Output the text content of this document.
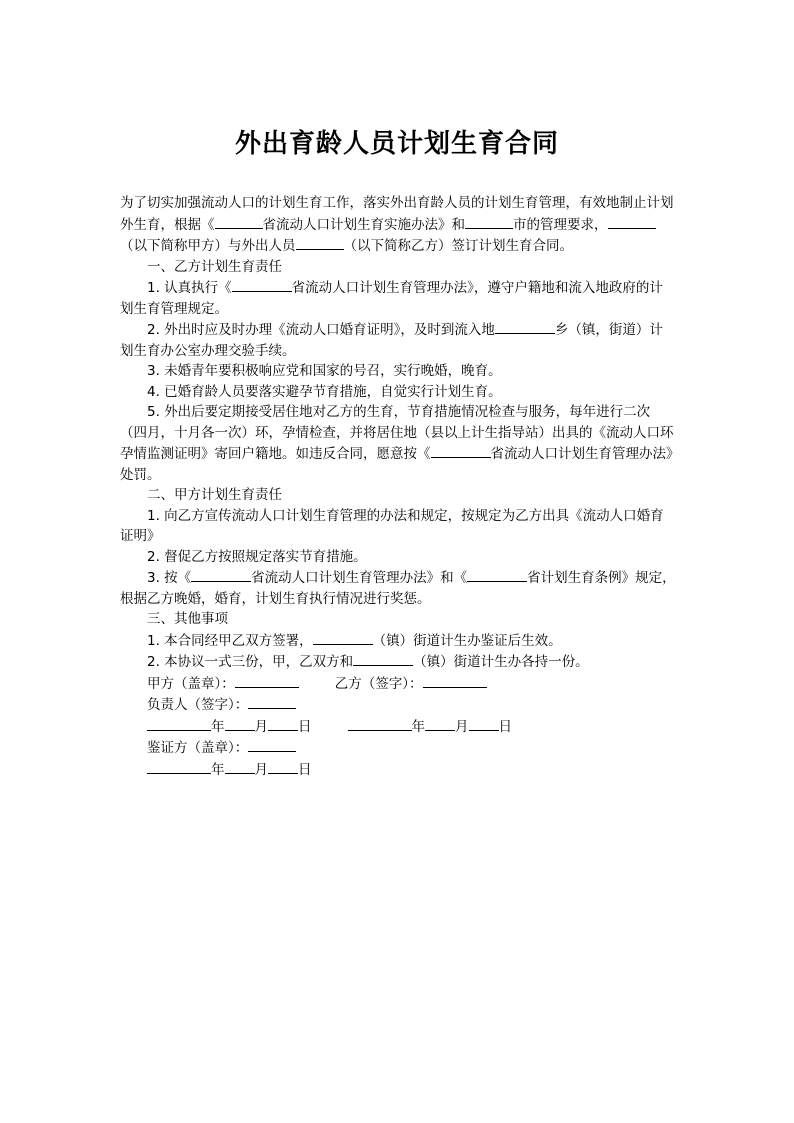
外出育龄人员计划生育合同

为了切实加强流动人口的计划生育工作，落实外出育龄人员的计划生育管理，有效地制止计划外生育，根据《	省流动人口计划生育实施办法》和	市的管理要求，（以下简称甲方）与外出人员	（以下简称乙方）签订计划生育合同。

一、乙方计划生育责任

1. 认真执行《	省流动人口计划生育管理办法》，遵守户籍地和流入地政府的计划生育管理规定。

2. 外出时应及时办理《流动人口婚育证明》，及时到流入地	乡（镇，街道）计划生育办公室办理交验手续。

3. 未婚青年要积极响应党和国家的号召，实行晚婚，晚育。

4. 已婚育龄人员要落实避孕节育措施，自觉实行计划生育。

5. 外出后要定期接受居住地对乙方的生育，节育措施情况检查与服务，每年进行二次（四月，十月各一次）环，孕情检查，并将居住地（县以上计生指导站）出具的《流动人口环孕情监测证明》寄回户籍地。如违反合同，愿意按《	省流动人口计划生育管理办法》处罚。

二、甲方计划生育责任

1. 向乙方宣传流动人口计划生育管理的办法和规定，按规定为乙方出具《流动人口婚育证明》

2. 督促乙方按照规定落实节育措施。

3. 按《	省流动人口计划生育管理办法》和《	省计划生育条例》规定，根据乙方晚婚，婚育，计划生育执行情况进行奖惩。

三、其他事项

1. 本合同经甲乙双方签署，	（镇）街道计生办鉴证后生效。

2. 本协议一式三份，甲，乙双方和	（镇）街道计生办各持一份。

甲方（盖章）：	乙方（签字）：

负责人（签字）：

年 月 日	年 月 日

鉴证方（盖章）：

年 月 日
